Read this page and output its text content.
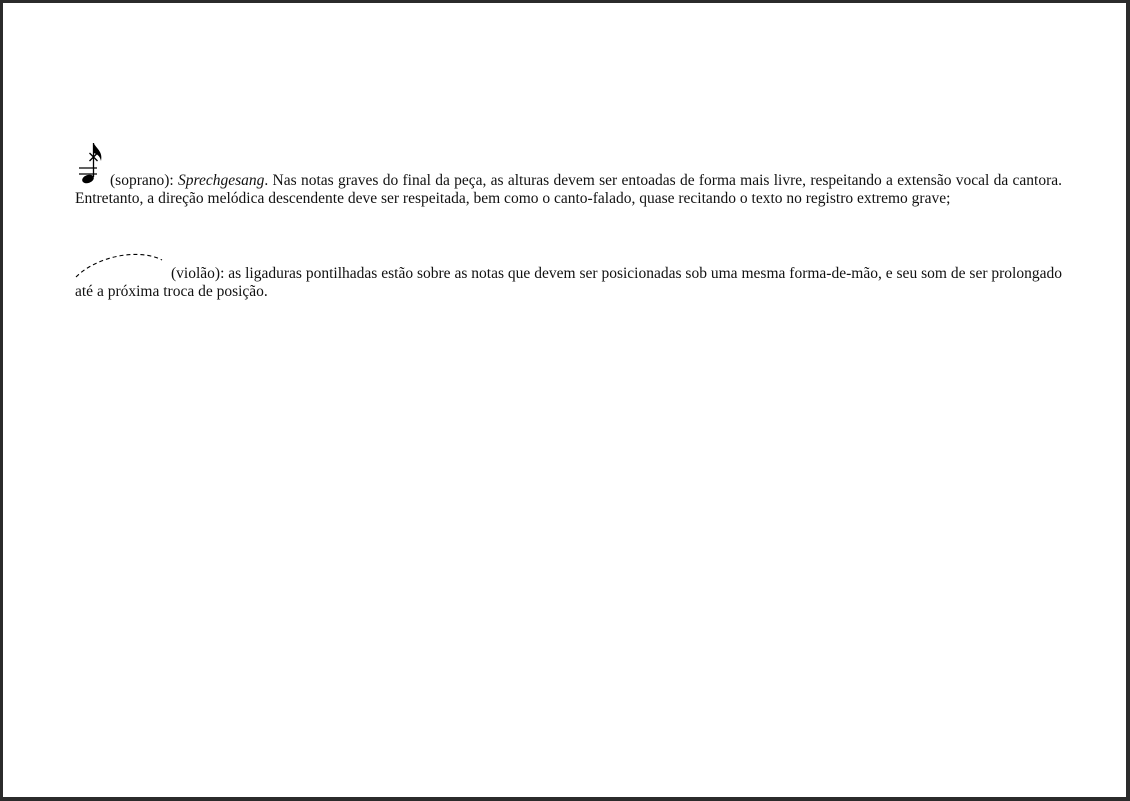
(soprano): Sprechgesang. Nas notas graves do final da peça, as alturas devem ser entoadas de forma mais livre, respeitando a extensão vocal da cantora. Entretanto, a direção melódica descendente deve ser respeitada, bem como o canto-falado, quase recitando o texto no registro extremo grave;
(violão): as ligaduras pontilhadas estão sobre as notas que devem ser posicionadas sob uma mesma forma-de-mão, e seu som de ser prolongado até a próxima troca de posição.
